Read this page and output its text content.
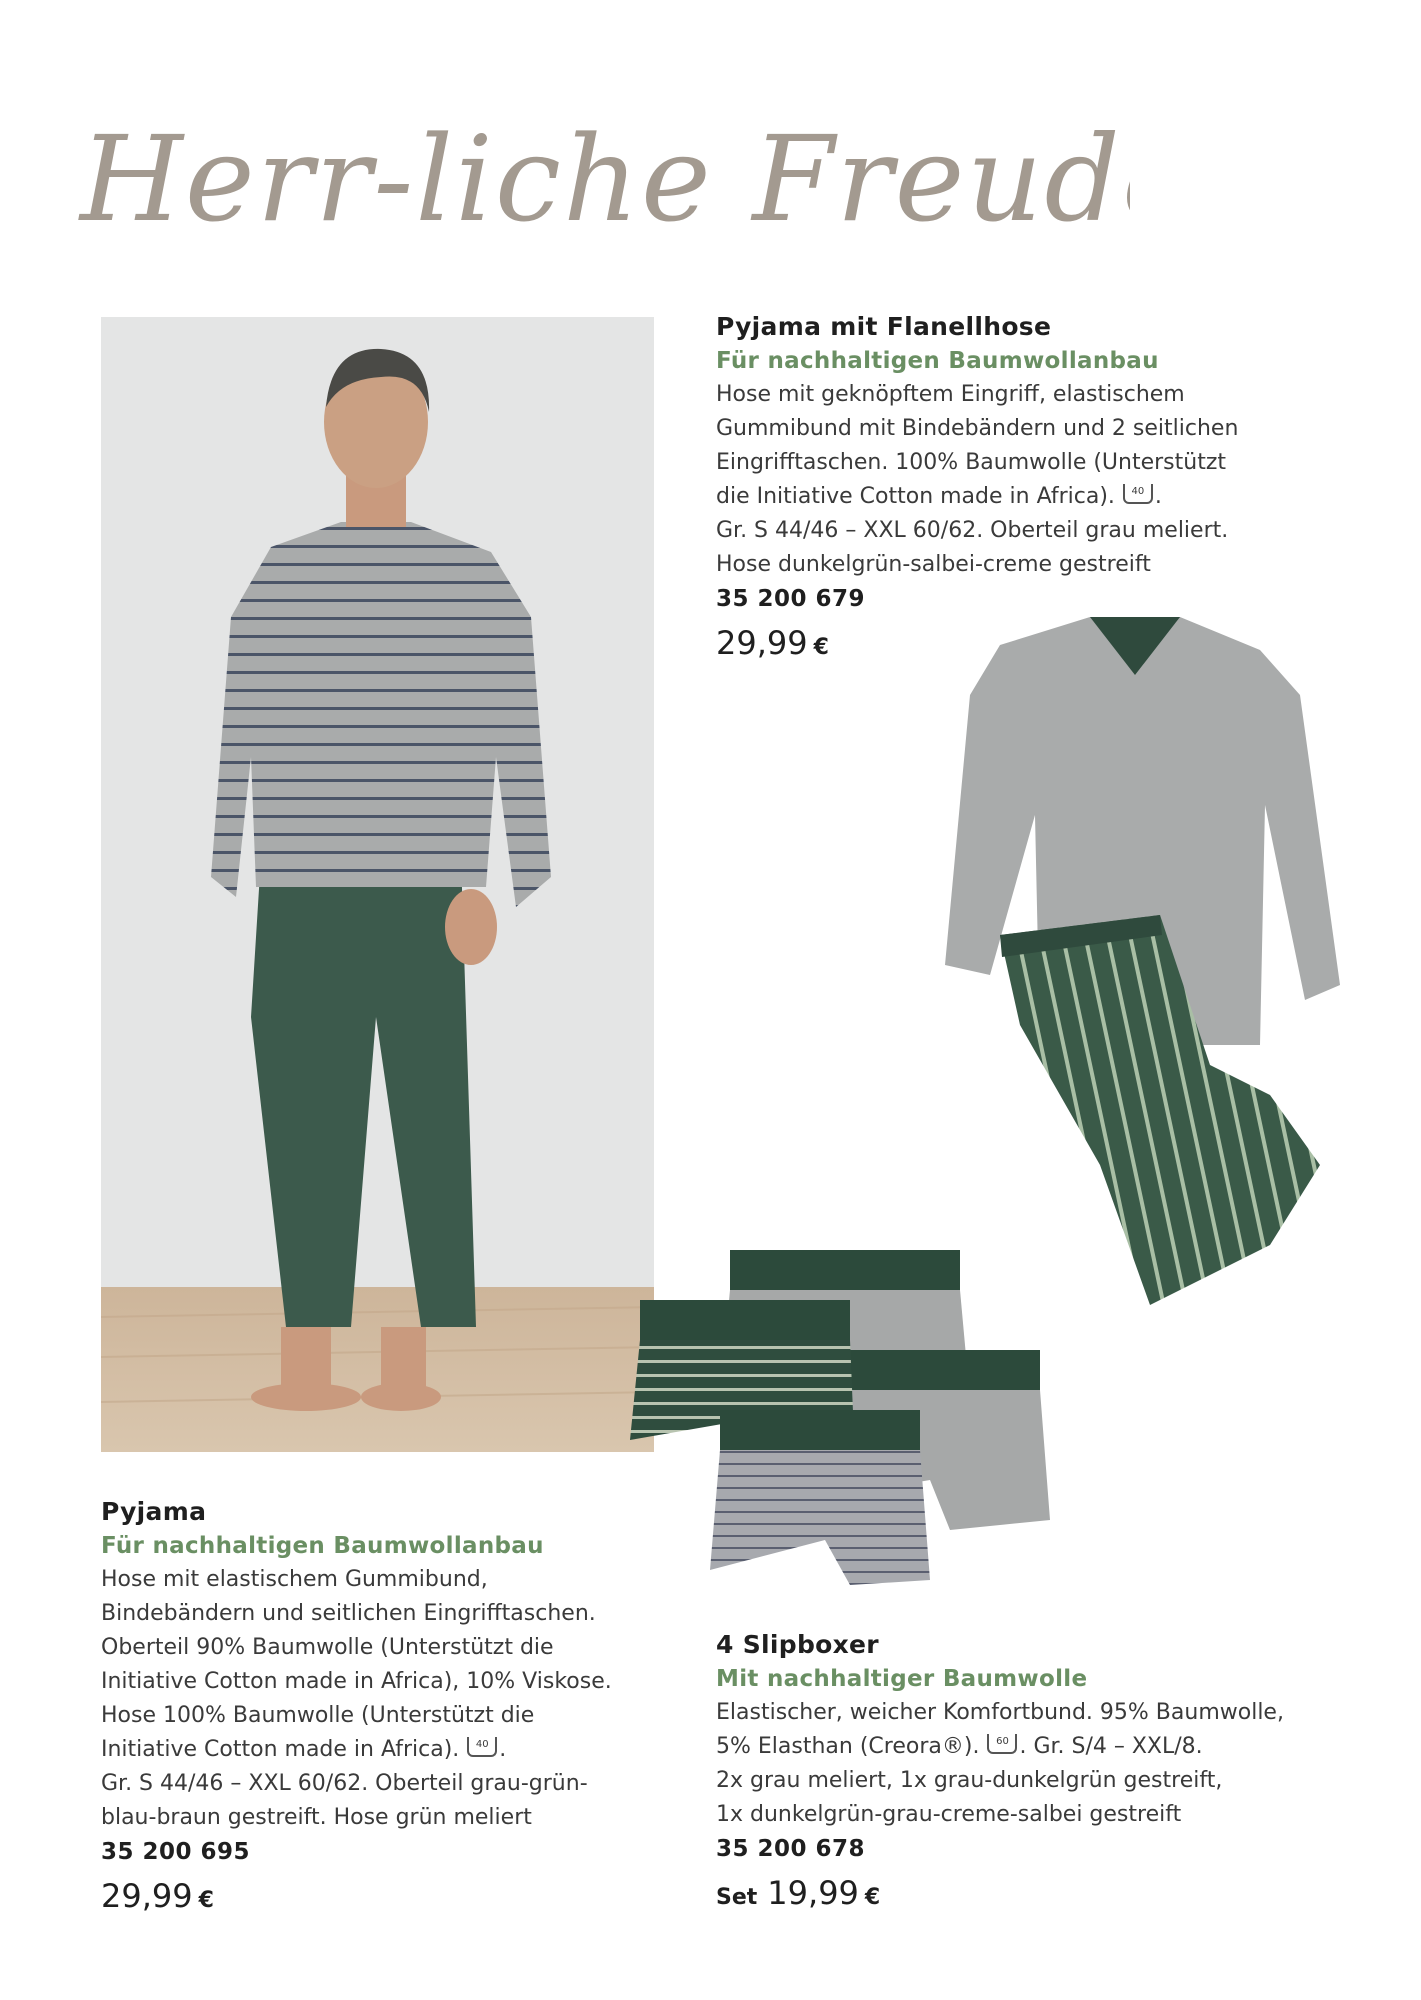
Herr-liche Freude
Pyjama mit Flanellhose
Für nachhaltigen Baumwollanbau
Hose mit geknöpftem Eingriff, elastischem
Gummibund mit Bindebändern und 2 seitlichen
Eingrifftaschen. 100% Baumwolle (Unterstützt
die Initiative Cotton made in Africa). 40 .
Gr. S 44/46 – XXL 60/62. Oberteil grau meliert.
Hose dunkelgrün-salbei-creme gestreift
35 200 679
29,99 €
Pyjama
Für nachhaltigen Baumwollanbau
Hose mit elastischem Gummibund,
Bindebändern und seitlichen Eingrifftaschen.
Oberteil 90% Baumwolle (Unterstützt die
Initiative Cotton made in Africa), 10% Viskose.
Hose 100% Baumwolle (Unterstützt die
Initiative Cotton made in Africa). 40 .
Gr. S 44/46 – XXL 60/62. Oberteil grau-grün-
blau-braun gestreift. Hose grün meliert
35 200 695
29,99 €
4 Slipboxer
Mit nachhaltiger Baumwolle
Elastischer, weicher Komfortbund. 95% Baumwolle,
5% Elasthan (Creora®). 60 . Gr. S/4 – XXL/8.
2x grau meliert, 1x grau-dunkelgrün gestreift,
1x dunkelgrün-grau-creme-salbei gestreift
35 200 678
Set 19,99 €
